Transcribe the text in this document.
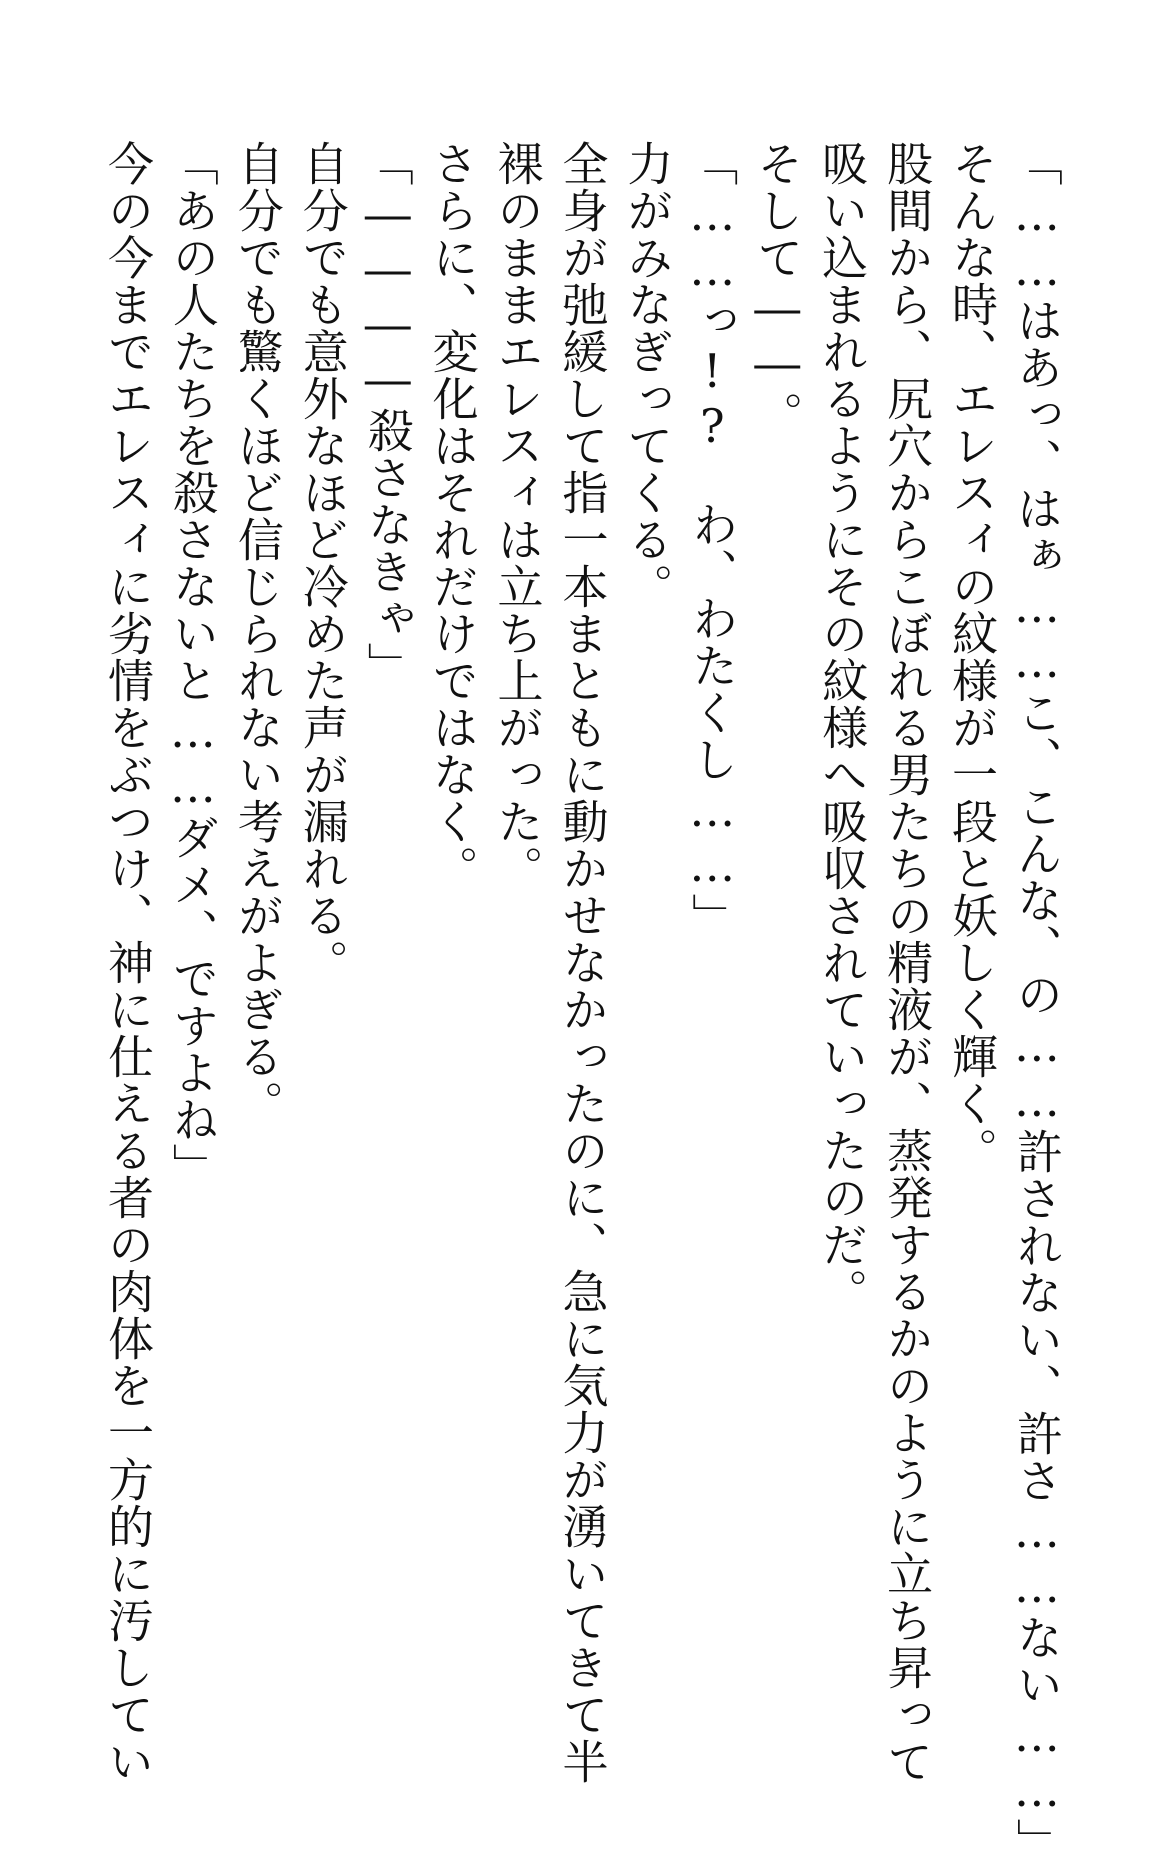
「……はあっ、はぁ……こ、こんな、の……許されない、許さ……ない……」
そんな時、エレスィの紋様が一段と妖しく輝く。
股間から、尻穴からこぼれる男たちの精液が、蒸発するかのように立ち昇って
吸い込まれるようにその紋様へ吸収されていったのだ。
そして――。
「……っ!?　わ、わたくし……」
力がみなぎってくる。
全身が弛緩して指一本まともに動かせなかったのに、急に気力が湧いてきて半
裸のままエレスィは立ち上がった。
さらに、変化はそれだけではなく。
「――――殺さなきゃ」
自分でも意外なほど冷めた声が漏れる。
自分でも驚くほど信じられない考えがよぎる。
「あの人たちを殺さないと……ダメ、ですよね」
今の今までエレスィに劣情をぶつけ、神に仕える者の肉体を一方的に汚してい
